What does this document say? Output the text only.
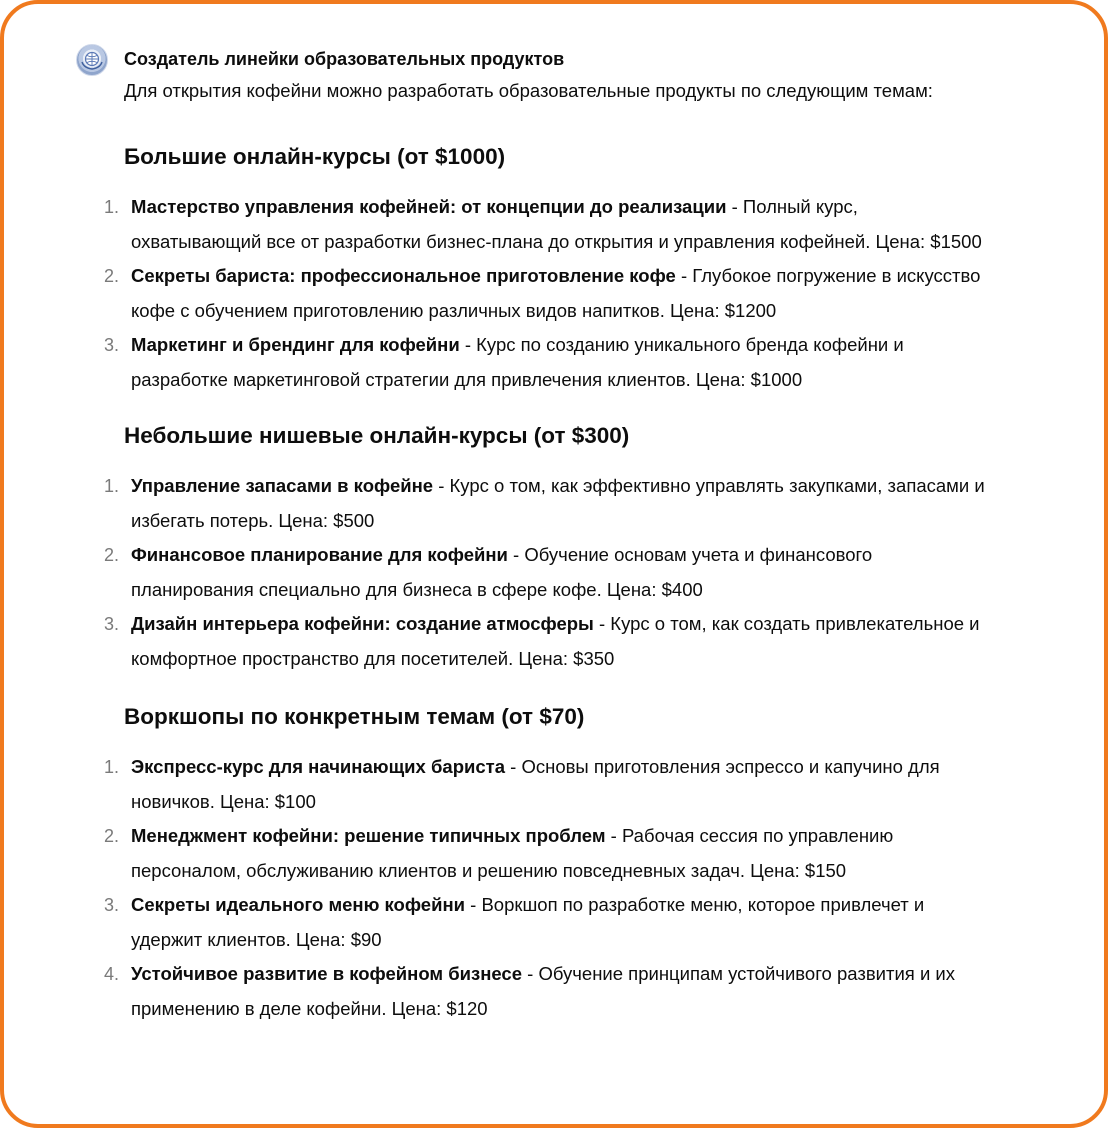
Создатель линейки образовательных продуктов
Для открытия кофейни можно разработать образовательные продукты по следующим темам:
Большие онлайн-курсы (от $1000)
1. Мастерство управления кофейней: от концепции до реализации - Полный курс, охватывающий все от разработки бизнес-плана до открытия и управления кофейней. Цена: $1500
2. Секреты бариста: профессиональное приготовление кофе - Глубокое погружение в искусство кофе с обучением приготовлению различных видов напитков. Цена: $1200
3. Маркетинг и брендинг для кофейни - Курс по созданию уникального бренда кофейни и разработке маркетинговой стратегии для привлечения клиентов. Цена: $1000
Небольшие нишевые онлайн-курсы (от $300)
1. Управление запасами в кофейне - Курс о том, как эффективно управлять закупками, запасами и избегать потерь. Цена: $500
2. Финансовое планирование для кофейни - Обучение основам учета и финансового планирования специально для бизнеса в сфере кофе. Цена: $400
3. Дизайн интерьера кофейни: создание атмосферы - Курс о том, как создать привлекательное и комфортное пространство для посетителей. Цена: $350
Воркшопы по конкретным темам (от $70)
1. Экспресс-курс для начинающих бариста - Основы приготовления эспрессо и капучино для новичков. Цена: $100
2. Менеджмент кофейни: решение типичных проблем - Рабочая сессия по управлению персоналом, обслуживанию клиентов и решению повседневных задач. Цена: $150
3. Секреты идеального меню кофейни - Воркшоп по разработке меню, которое привлечет и удержит клиентов. Цена: $90
4. Устойчивое развитие в кофейном бизнесе - Обучение принципам устойчивого развития и их применению в деле кофейни. Цена: $120
